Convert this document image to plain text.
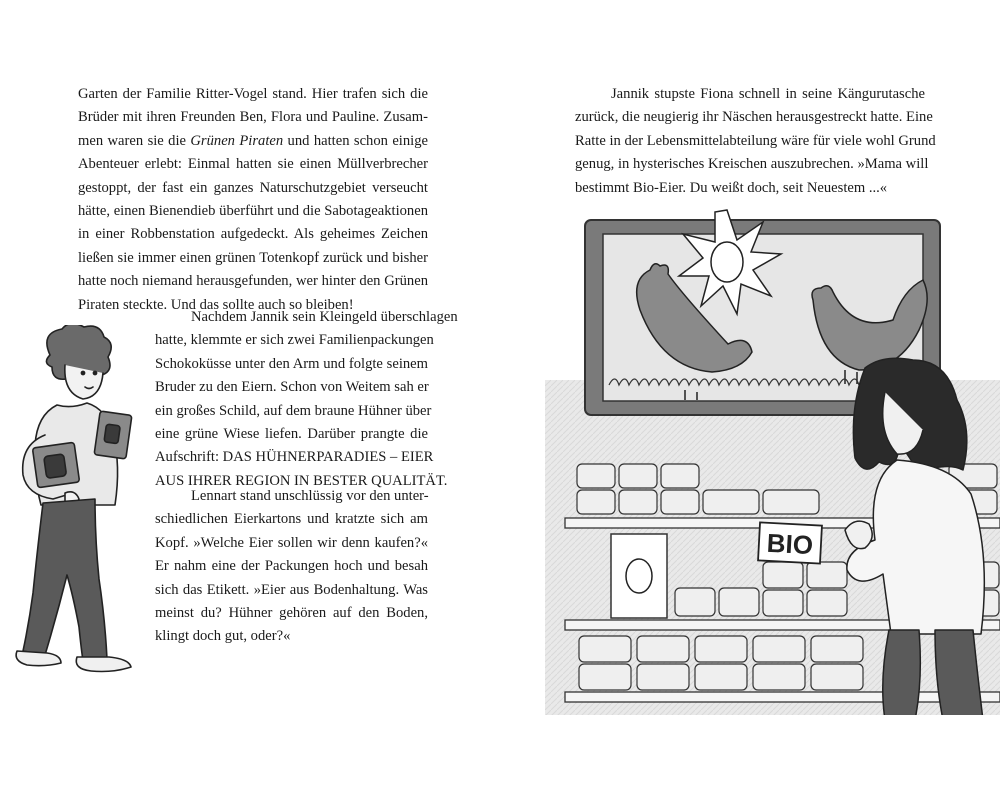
Garten der Familie Ritter-Vogel stand. Hier trafen sich die
Brüder mit ihren Freunden Ben, Flora und Pauline. Zusam-
men waren sie die Grünen Piraten und hatten schon einige
Abenteuer erlebt: Einmal hatten sie einen Müllverbrecher
gestoppt, der fast ein ganzes Naturschutzgebiet verseucht
hätte, einen Bienendieb überführt und die Sabotageaktionen
in einer Robbenstation aufgedeckt. Als geheimes Zeichen
ließen sie immer einen grünen Totenkopf zurück und bisher
hatte noch niemand herausgefunden, wer hinter den Grünen
Piraten steckte. Und das sollte auch so bleiben!
Nachdem Jannik sein Kleingeld überschlagen
hatte, klemmte er sich zwei Familienpackungen
Schokoküsse unter den Arm und folgte seinem
Bruder zu den Eiern. Schon von Weitem sah er
ein großes Schild, auf dem braune Hühner über
eine grüne Wiese liefen. Darüber prangte die
Aufschrift: DAS HÜHNERPARADIES – EIER
AUS IHRER REGION IN BESTER QUALITÄT.
Lennart stand unschlüssig vor den unter-
schiedlichen Eierkartons und kratzte sich am
Kopf. »Welche Eier sollen wir denn kaufen?«
Er nahm eine der Packungen hoch und besah
sich das Etikett. »Eier aus Bodenhaltung. Was
meinst du? Hühner gehören auf den Boden,
klingt doch gut, oder?«
Jannik stupste Fiona schnell in seine Kängurutasche
zurück, die neugierig ihr Näschen herausgestreckt hatte. Eine
Ratte in der Lebensmittelabteilung wäre für viele wohl Grund
genug, in hysterisches Kreischen auszubrechen. »Mama will
bestimmt Bio-Eier. Du weißt doch, seit Neuestem ...«
BIO
